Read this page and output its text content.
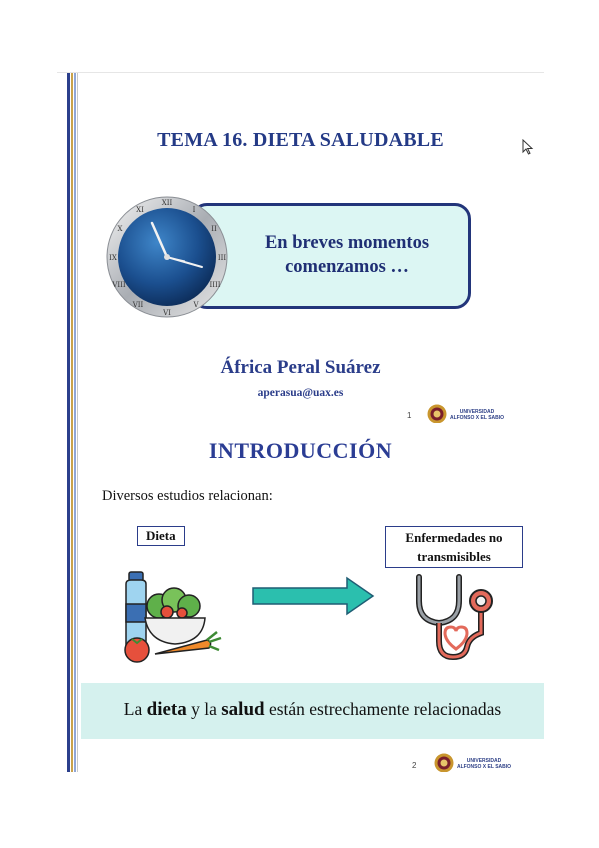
TEMA 16. DIETA SALUDABLE
En breves momentos
comenzamos …
XII
I
II
III
IIII
V
VI
VII
VIII
IX
X
XI
África Peral Suárez
aperasua@uax.es
1	UNIVERSIDAD
ALFONSO X EL SABIO
INTRODUCCIÓN
Diversos estudios relacionan:
Dieta	Enfermedades no
transmisibles
La dieta y la salud están estrechamente relacionadas
2	UNIVERSIDAD
ALFONSO X EL SABIO
